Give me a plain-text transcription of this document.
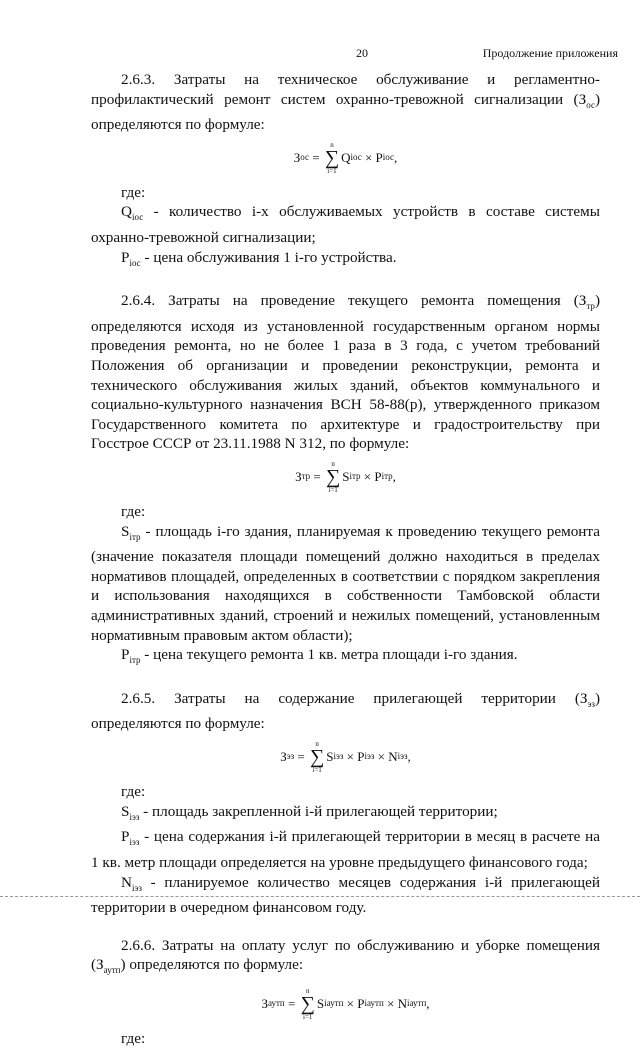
20	Продолжение приложения

2.6.3. Затраты на техническое обслуживание и регламентно-профилактический ремонт систем охранно-тревожной сигнализации $(З_{ос})$ определяются по формуле:

З ос =
n
∑
i=1
Q iос × P iос ,

где:

$Q_{iос}$ - количество i-х обслуживаемых устройств в составе системы охранно-тревожной сигнализации;

$P_{iос}$ - цена обслуживания 1 i-го устройства.

2.6.4. Затраты на проведение текущего ремонта помещения $(З_{тр})$ определяются исходя из установленной государственным органом нормы проведения ремонта, но не более 1 раза в 3 года, с учетом требований Положения об организации и проведении реконструкции, ремонта и технического обслуживания жилых зданий, объектов коммунального и социально-культурного назначения ВСН 58-88(р), утвержденного приказом Государственного комитета по архитектуре и градостроительству при Госстрое СССР от 23.11.1988 N 312, по формуле:

З тр =
n
∑
i=1
S iтр × P iтр ,

где:

$S_{iтр}$ - площадь i-го здания, планируемая к проведению текущего ремонта (значение показателя площади помещений должно находиться в пределах нормативов площадей, определенных в соответствии с порядком закрепления и использования находящихся в собственности Тамбовской области административных зданий, строений и нежилых помещений, установленным нормативным правовым актом области);

$P_{iтр}$ - цена текущего ремонта 1 кв. метра площади i-го здания.

2.6.5. Затраты на содержание прилегающей территории $(З_{эз})$ определяются по формуле:

З эз =
n
∑
i=1
S iэз × P iэз × N iэз ,

где:

$S_{iэз}$ - площадь закрепленной i-й прилегающей территории;

$P_{iэз}$ - цена содержания i-й прилегающей территории в месяц в расчете на 1 кв. метр площади определяется на уровне предыдущего финансового года;

$N_{iэз}$ - планируемое количество месяцев содержания i-й прилегающей территории в очередном финансовом году.

2.6.6. Затраты на оплату услуг по обслуживанию и уборке помещения $(З_{аутп})$ определяются по формуле:

З аутп =
n
∑
i=1
S iаутп × P iаутп × N iаутп ,

где:
